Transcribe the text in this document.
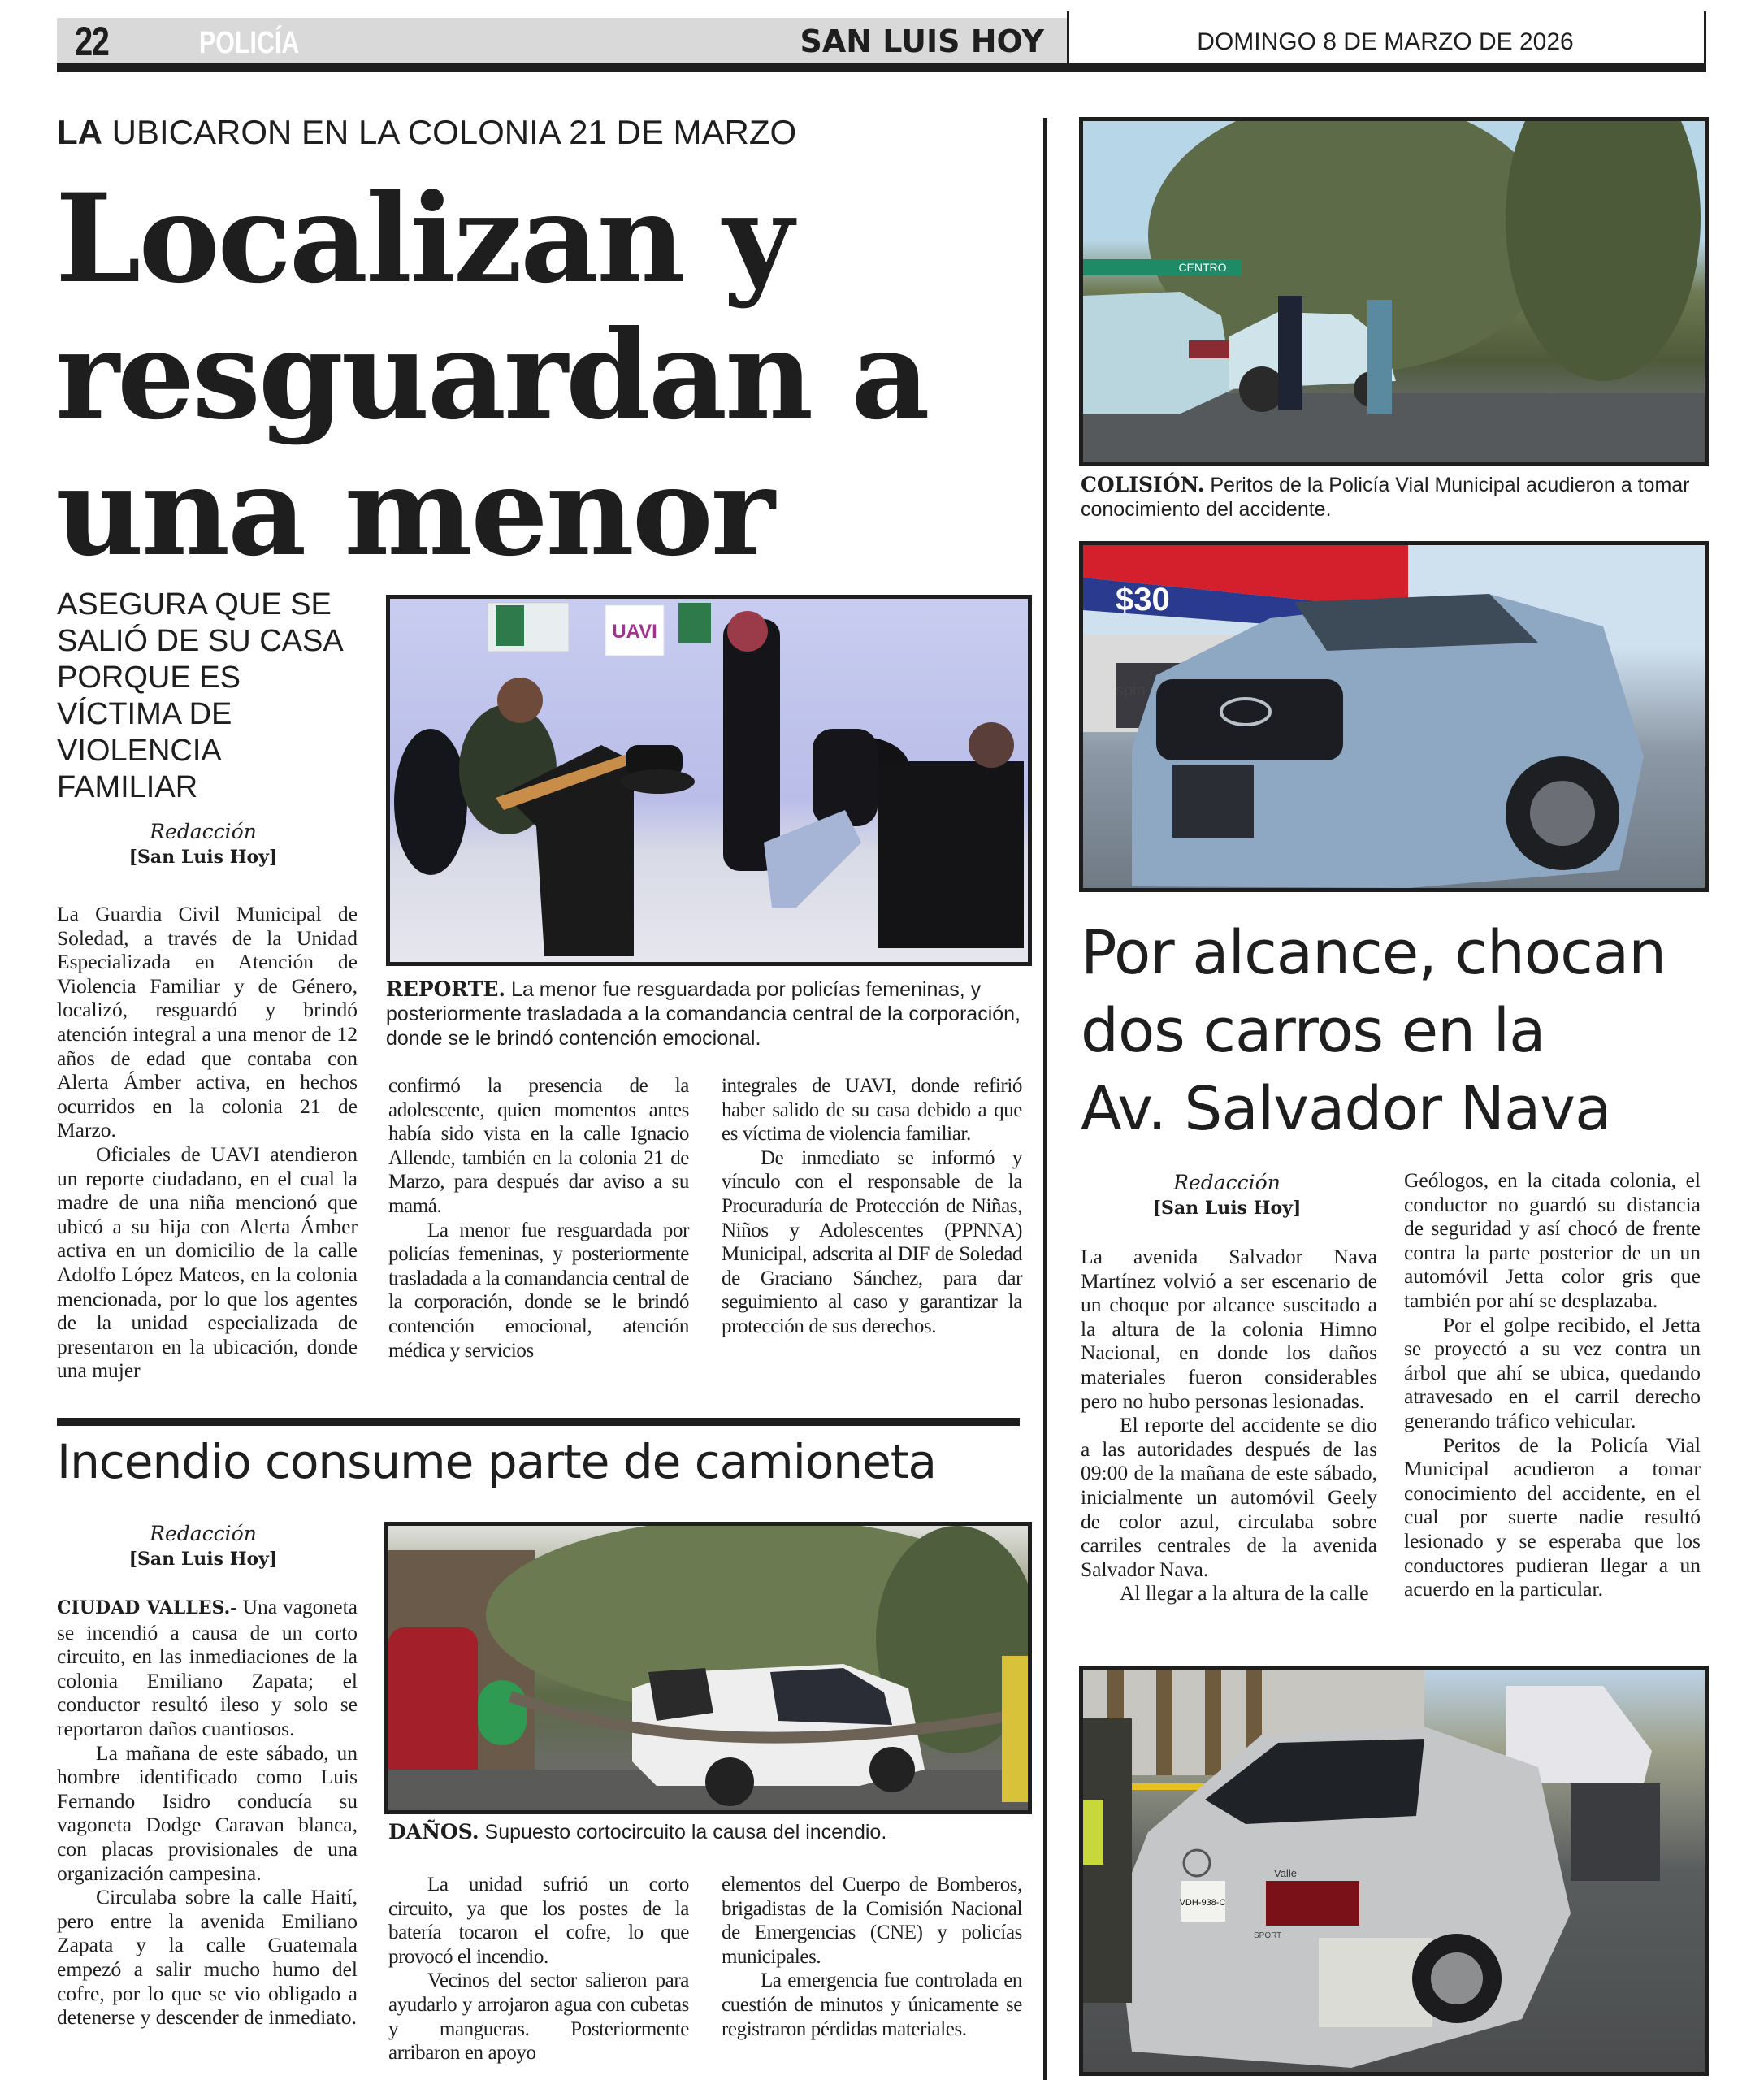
22	POLICÍA	SAN LUIS HOY	DOMINGO 8 DE MARZO DE 2026
LA UBICARON EN LA COLONIA 21 DE MARZO
Localizan y
resguardan a
una menor
ASEGURA QUE SE SALIÓ DE SU CASA PORQUE ES VÍCTIMA DE VIOLENCIA FAMILIAR
Redacción
[San Luis Hoy]
UAVI
REPORTE. La menor fue resguardada por policías femeninas, y posteriormente trasladada a la comandancia central de la corporación, donde se le brindó contención emocional.

La Guardia Civil Municipal de Soledad, a través de la Unidad Especializada en Atención de Violencia Familiar y de Género, localizó, resguardó y brindó atención integral a una menor de 12 años de edad que contaba con Alerta Ámber activa, en hechos ocurridos en la colonia 21 de Marzo.

Oficiales de UAVI atendieron un reporte ciudadano, en el cual la madre de una niña mencionó que ubicó a su hija con Alerta Ámber activa en un domicilio de la calle Adolfo López Mateos, en la colonia mencionada, por lo que los agentes de la unidad especializada de presentaron en la ubicación, donde una mujer

confirmó la presencia de la adolescente, quien momentos antes había sido vista en la calle Ignacio Allende, también en la colonia 21 de Marzo, para después dar aviso a su mamá.

La menor fue resguardada por policías femeninas, y posteriormente trasladada a la comandancia central de la corporación, donde se le brindó contención emocional, atención médica y servicios

integrales de UAVI, donde refirió haber salido de su casa debido a que es víctima de violencia familiar.

De inmediato se informó y vínculo con el responsable de la Procuraduría de Protección de Niñas, Niños y Adolescentes (PPNNA) Municipal, adscrita al DIF de Soledad de Graciano Sánchez, para dar seguimiento al caso y garantizar la protección de sus derechos.

Incendio consume parte de camioneta
Redacción
[San Luis Hoy]

CIUDAD VALLES.- Una vagoneta se incendió a causa de un corto circuito, en las inmediaciones de la colonia Emiliano Zapata; el conductor resultó ileso y solo se reportaron daños cuantiosos.

La mañana de este sábado, un hombre identificado como Luis Fernando Isidro conducía su vagoneta Dodge Caravan blanca, con placas provisionales de una organización campesina.

Circulaba sobre la calle Haití, pero entre la avenida Emiliano Zapata y la calle Guatemala empezó a salir mucho humo del cofre, por lo que se vio obligado a detenerse y descender de inmediato.

DAÑOS. Supuesto cortocircuito la causa del incendio.

La unidad sufrió un corto circuito, ya que los postes de la batería tocaron el cofre, lo que provocó el incendio.

Vecinos del sector salieron para ayudarlo y arrojaron agua con cubetas y mangueras. Posteriormente arribaron en apoyo

elementos del Cuerpo de Bomberos, brigadistas de la Comisión Nacional de Emergencias (CNE) y policías municipales.

La emergencia fue controlada en cuestión de minutos y únicamente se registraron pérdidas materiales.

CENTRO
COLISIÓN. Peritos de la Policía Vial Municipal acudieron a tomar conocimiento del accidente.
$30
spin
Por alcance, chocan
dos carros en la
Av. Salvador Nava
Redacción
[San Luis Hoy]

La avenida Salvador Nava Martínez volvió a ser escenario de un choque por alcance suscitado a la altura de la colonia Himno Nacional, en donde los daños materiales fueron considerables pero no hubo personas lesionadas.

El reporte del accidente se dio a las autoridades después de las 09:00 de la mañana de este sábado, inicialmente un automóvil Geely de color azul, circulaba sobre carriles centrales de la avenida Salvador Nava.

Al llegar a la altura de la calle

Geólogos, en la citada colonia, el conductor no guardó su distancia de seguridad y así chocó de frente contra la parte posterior de un un automóvil Jetta color gris que también por ahí se desplazaba.

Por el golpe recibido, el Jetta se proyectó a su vez contra un árbol que ahí se ubica, quedando atravesado en el carril derecho generando tráfico vehicular.

Peritos de la Policía Vial Municipal acudieron a tomar conocimiento del accidente, en el cual por suerte nadie resultó lesionado y se esperaba que los conductores pudieran llegar a un acuerdo en la particular.

VDH-938-C
Valle
SPORT
